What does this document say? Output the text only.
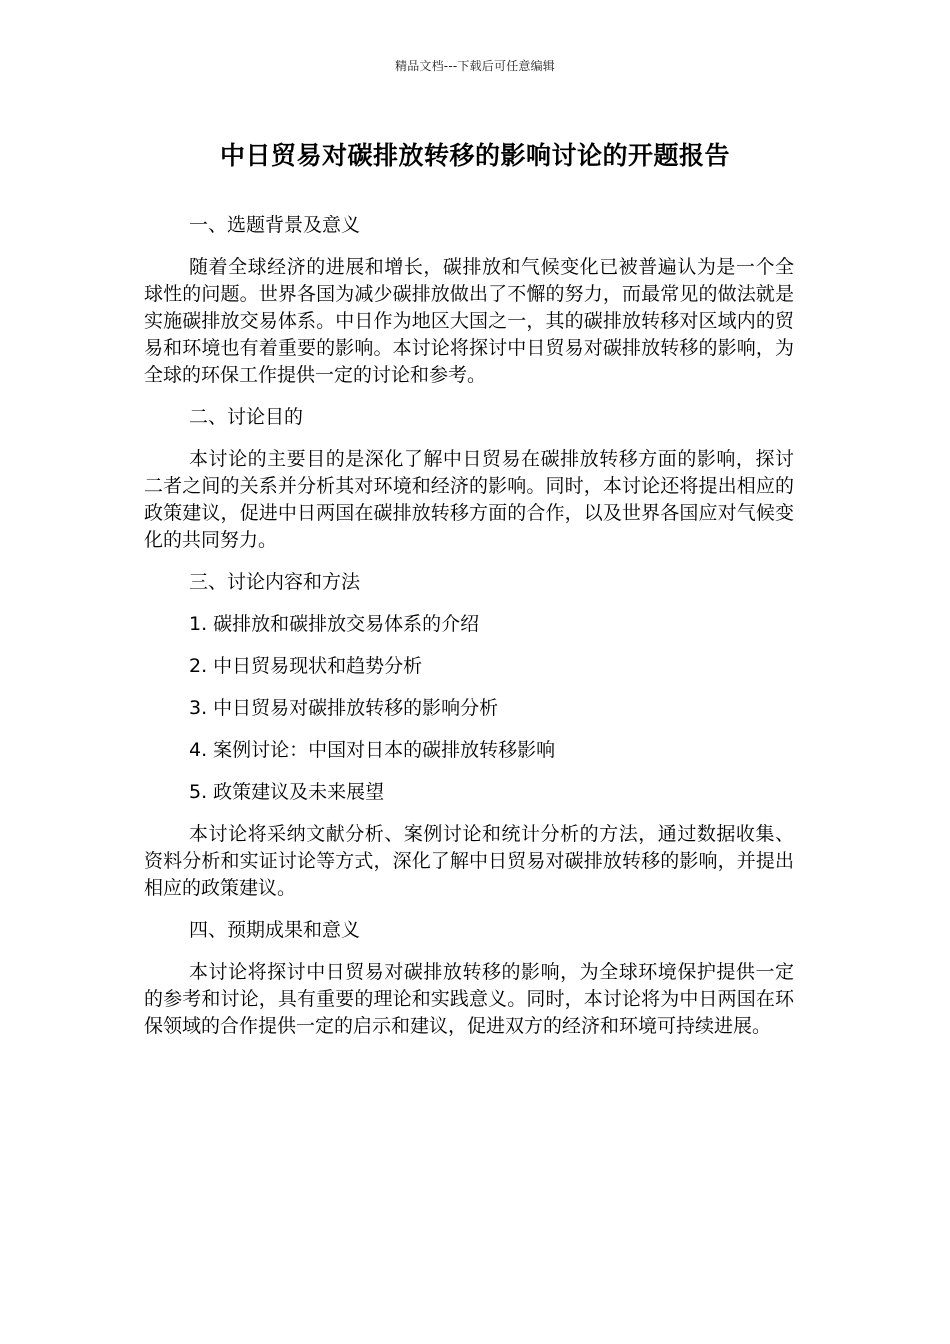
精品文档---下载后可任意编辑
中日贸易对碳排放转移的影响讨论的开题报告

一、选题背景及意义

随着全球经济的进展和增长，碳排放和气候变化已被普遍认为是一个全球性的问题。世界各国为减少碳排放做出了不懈的努力，而最常见的做法就是实施碳排放交易体系。中日作为地区大国之一，其的碳排放转移对区域内的贸易和环境也有着重要的影响。本讨论将探讨中日贸易对碳排放转移的影响，为全球的环保工作提供一定的讨论和参考。

二、讨论目的

本讨论的主要目的是深化了解中日贸易在碳排放转移方面的影响，探讨二者之间的关系并分析其对环境和经济的影响。同时，本讨论还将提出相应的政策建议，促进中日两国在碳排放转移方面的合作，以及世界各国应对气候变化的共同努力。

三、讨论内容和方法

1. 碳排放和碳排放交易体系的介绍

2. 中日贸易现状和趋势分析

3. 中日贸易对碳排放转移的影响分析

4. 案例讨论：中国对日本的碳排放转移影响

5. 政策建议及未来展望

本讨论将采纳文献分析、案例讨论和统计分析的方法，通过数据收集、资料分析和实证讨论等方式，深化了解中日贸易对碳排放转移的影响，并提出相应的政策建议。

四、预期成果和意义

本讨论将探讨中日贸易对碳排放转移的影响，为全球环境保护提供一定的参考和讨论，具有重要的理论和实践意义。同时，本讨论将为中日两国在环保领域的合作提供一定的启示和建议，促进双方的经济和环境可持续进展。
